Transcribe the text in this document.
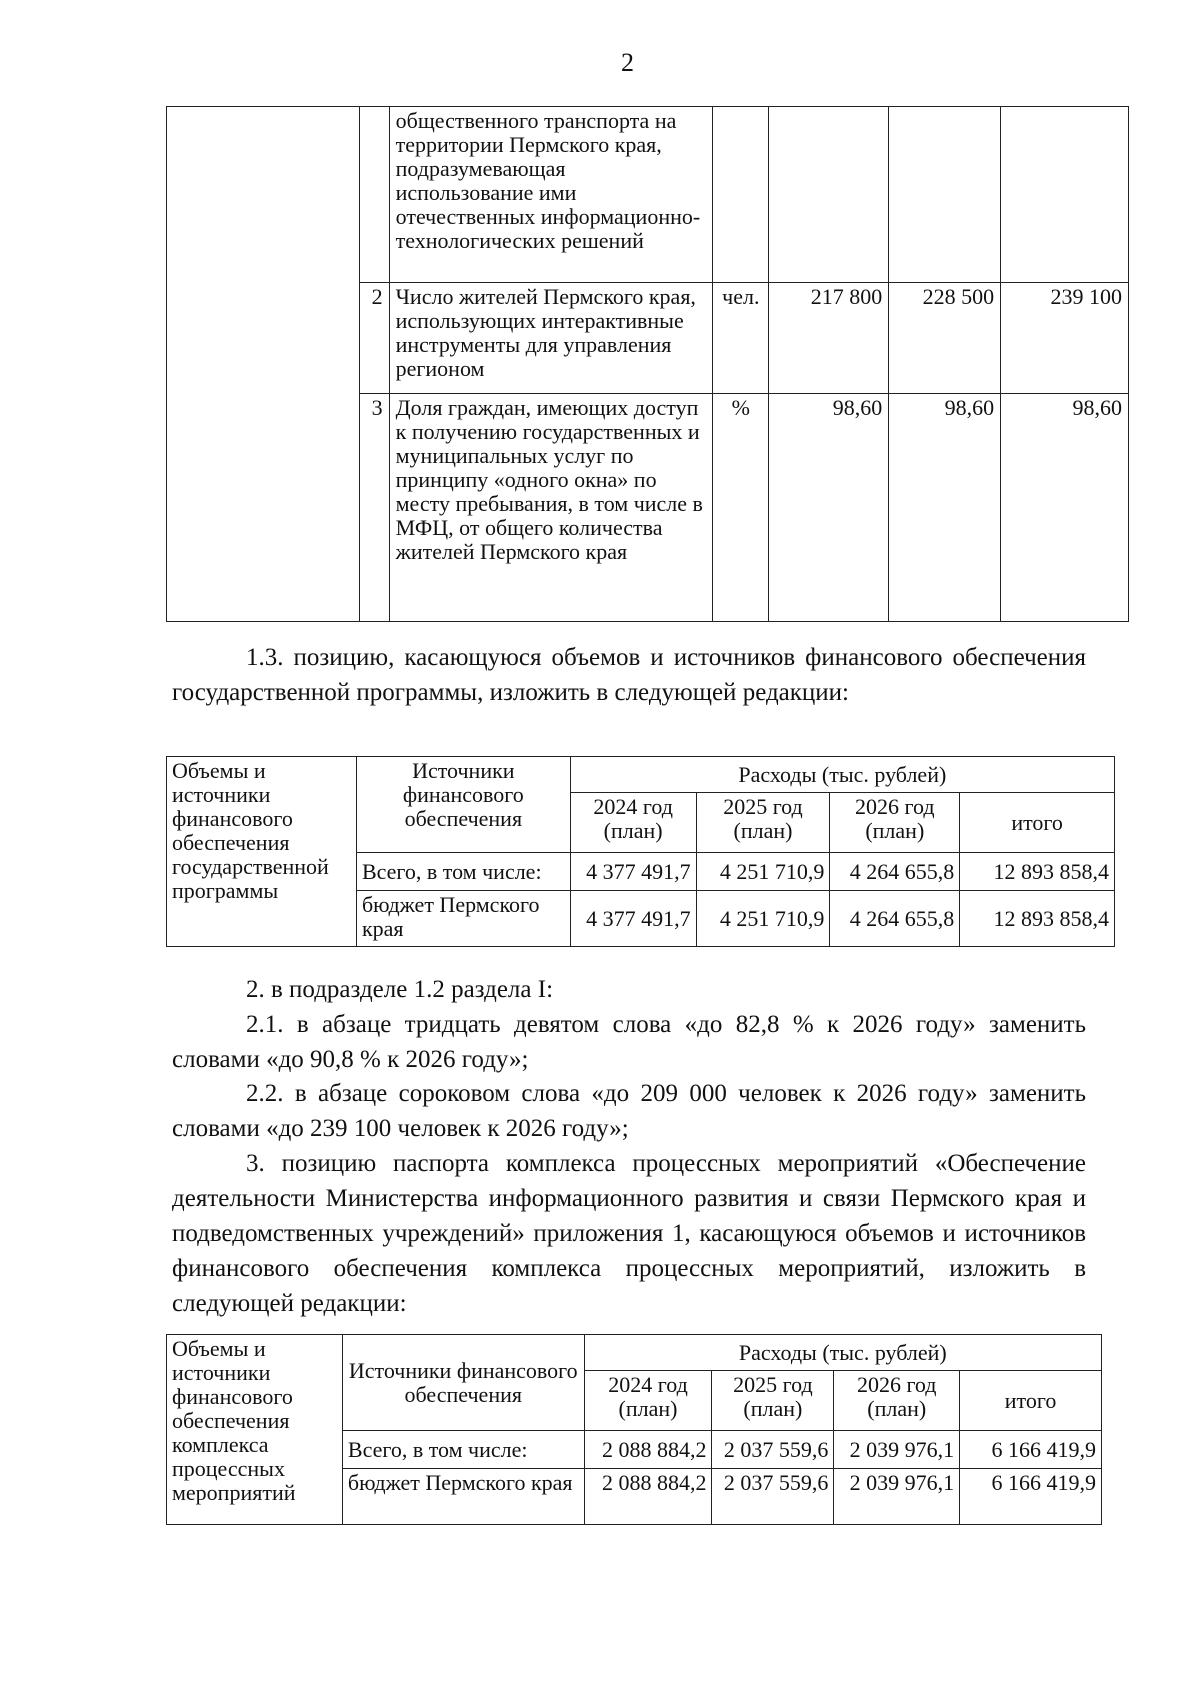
2
		общественного транспорта на территории Пермского края, подразумевающая использование ими отечественных информационно-технологических решений				
	2	Число жителей Пермского края, использующих интерактивные инструменты для управления регионом	чел.	217 800	228 500	239 100
	3	Доля граждан, имеющих доступ к получению государственных и муниципальных услуг по принципу «одного окна» по месту пребывания, в том числе в МФЦ, от общего количества жителей Пермского края	%	98,60	98,60	98,60
1.3. позицию, касающуюся объемов и источников финансового обеспечения государственной программы, изложить в следующей редакции:
Объемы и источники финансового обеспечения государственной программы	Источники финансового обеспечения	Расходы (тыс. рублей)			
		2024 год (план)	2025 год (план)	2026 год (план)	итого
	Всего, в том числе:	4 377 491,7	4 251 710,9	4 264 655,8	12 893 858,4
	бюджет Пермского края	4 377 491,7	4 251 710,9	4 264 655,8	12 893 858,4
2. в подразделе 1.2 раздела I:
2.1. в абзаце тридцать девятом слова «до 82,8 % к 2026 году» заменить словами «до 90,8 % к 2026 году»;
2.2. в абзаце сороковом слова «до 209 000 человек к 2026 году» заменить словами «до 239 100 человек к 2026 году»;
3. позицию паспорта комплекса процессных мероприятий «Обеспечение деятельности Министерства информационного развития и связи Пермского края и подведомственных учреждений» приложения 1, касающуюся объемов и источников финансового обеспечения комплекса процессных мероприятий, изложить в следующей редакции:
Объемы и источники финансового обеспечения комплекса процессных мероприятий	Источники финансового обеспечения	Расходы (тыс. рублей)			
		2024 год (план)	2025 год (план)	2026 год (план)	итого
	Всего, в том числе:	2 088 884,2	2 037 559,6	2 039 976,1	6 166 419,9
	бюджет Пермского края	2 088 884,2	2 037 559,6	2 039 976,1	6 166 419,9
